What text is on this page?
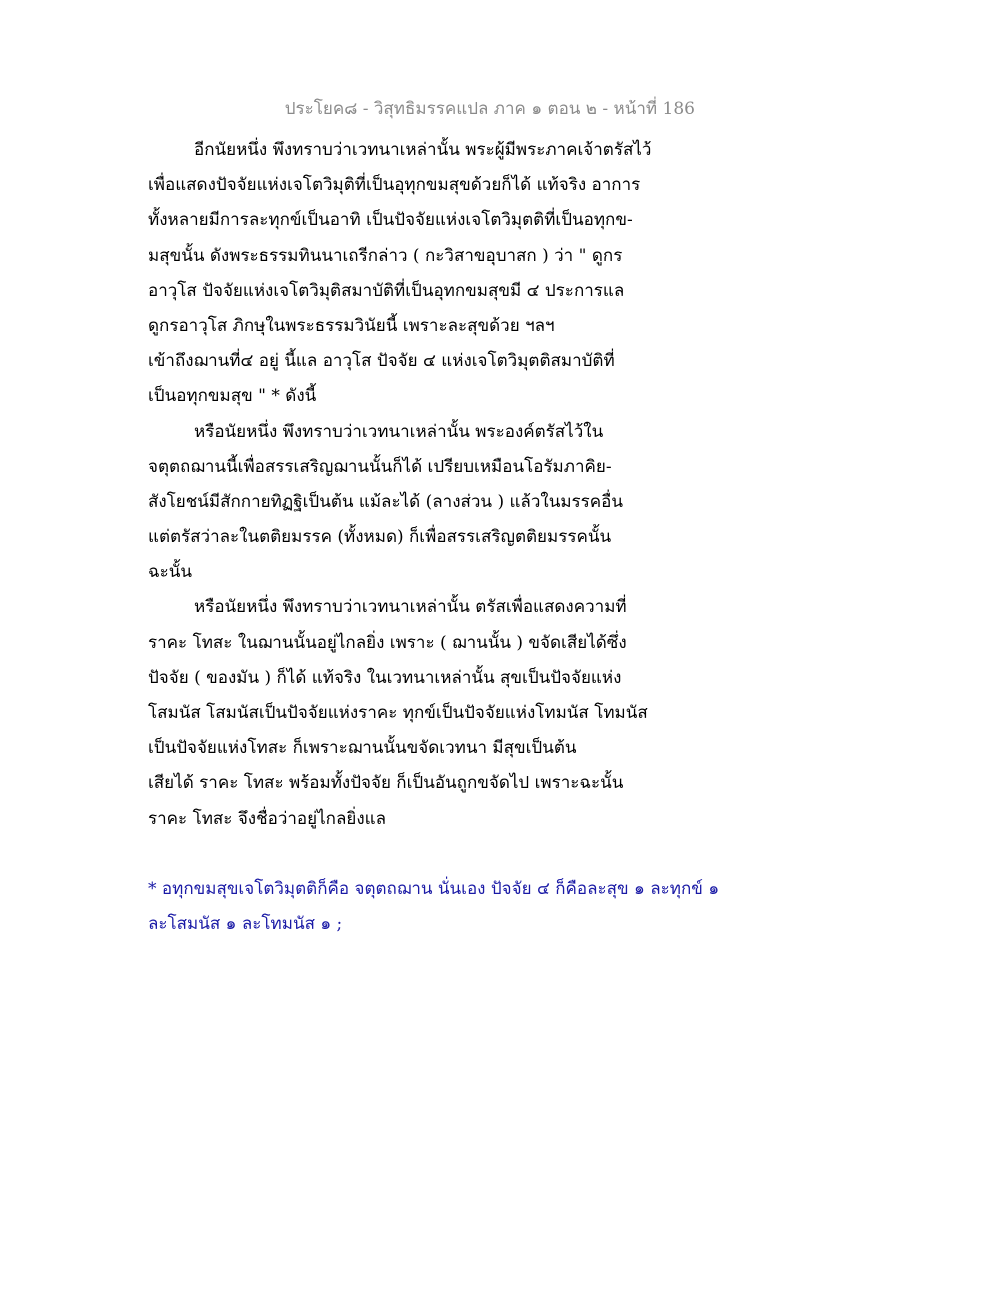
ประโยค๘ - วิสุทธิมรรคแปล ภาค ๑ ตอน ๒ - หน้าที่ 186
อีกนัยหนึ่ง พึงทราบว่าเวทนาเหล่านั้น พระผู้มีพระภาคเจ้าตรัสไว้
เพื่อแสดงปัจจัยแห่งเจโตวิมุติที่เป็นอุทุกขมสุขด้วยก็ได้ แท้จริง อาการ
ทั้งหลายมีการละทุกข์เป็นอาทิ เป็นปัจจัยแห่งเจโตวิมุตติที่เป็นอทุกข-
มสุขนั้น ดังพระธรรมทินนาเถรีกล่าว ( กะวิสาขอุบาสก ) ว่า " ดูกร
อาวุโส ปัจจัยแห่งเจโตวิมุติสมาบัติที่เป็นอุทกขมสุขมี ๔ ประการแล
ดูกรอาวุโส ภิกษุในพระธรรมวินัยนี้ เพราะละสุขด้วย ฯลฯ
เข้าถึงฌานที่๔ อยู่ นี้แล อาวุโส ปัจจัย ๔ แห่งเจโตวิมุตติสมาบัติที่
เป็นอทุกขมสุข " * ดังนี้
หรือนัยหนึ่ง พึงทราบว่าเวทนาเหล่านั้น พระองค์ตรัสไว้ใน
จตุตถฌานนี้เพื่อสรรเสริญฌานนั้นก็ได้ เปรียบเหมือนโอรัมภาคิย-
สังโยชน์มีสักกายทิฏฐิเป็นต้น แม้ละได้ (ลางส่วน ) แล้วในมรรคอื่น
แต่ตรัสว่าละในตติยมรรค (ทั้งหมด) ก็เพื่อสรรเสริญตติยมรรคนั้น
ฉะนั้น
หรือนัยหนึ่ง พึงทราบว่าเวทนาเหล่านั้น ตรัสเพื่อแสดงความที่
ราคะ โทสะ ในฌานนั้นอยู่ไกลยิ่ง เพราะ ( ฌานนั้น ) ขจัดเสียได้ซึ่ง
ปัจจัย ( ของมัน ) ก็ได้ แท้จริง ในเวทนาเหล่านั้น สุขเป็นปัจจัยแห่ง
โสมนัส โสมนัสเป็นปัจจัยแห่งราคะ ทุกข์เป็นปัจจัยแห่งโทมนัส โทมนัส
เป็นปัจจัยแห่งโทสะ ก็เพราะฌานนั้นขจัดเวทนา มีสุขเป็นต้น
เสียได้ ราคะ โทสะ พร้อมทั้งปัจจัย ก็เป็นอันถูกขจัดไป เพราะฉะนั้น
ราคะ โทสะ จึงชื่อว่าอยู่ไกลยิ่งแล
* อทุกขมสุขเจโตวิมุตติก็คือ จตุตถฌาน นั่นเอง ปัจจัย ๔ ก็คือละสุข ๑ ละทุกข์ ๑
ละโสมนัส ๑ ละโทมนัส ๑ ;
